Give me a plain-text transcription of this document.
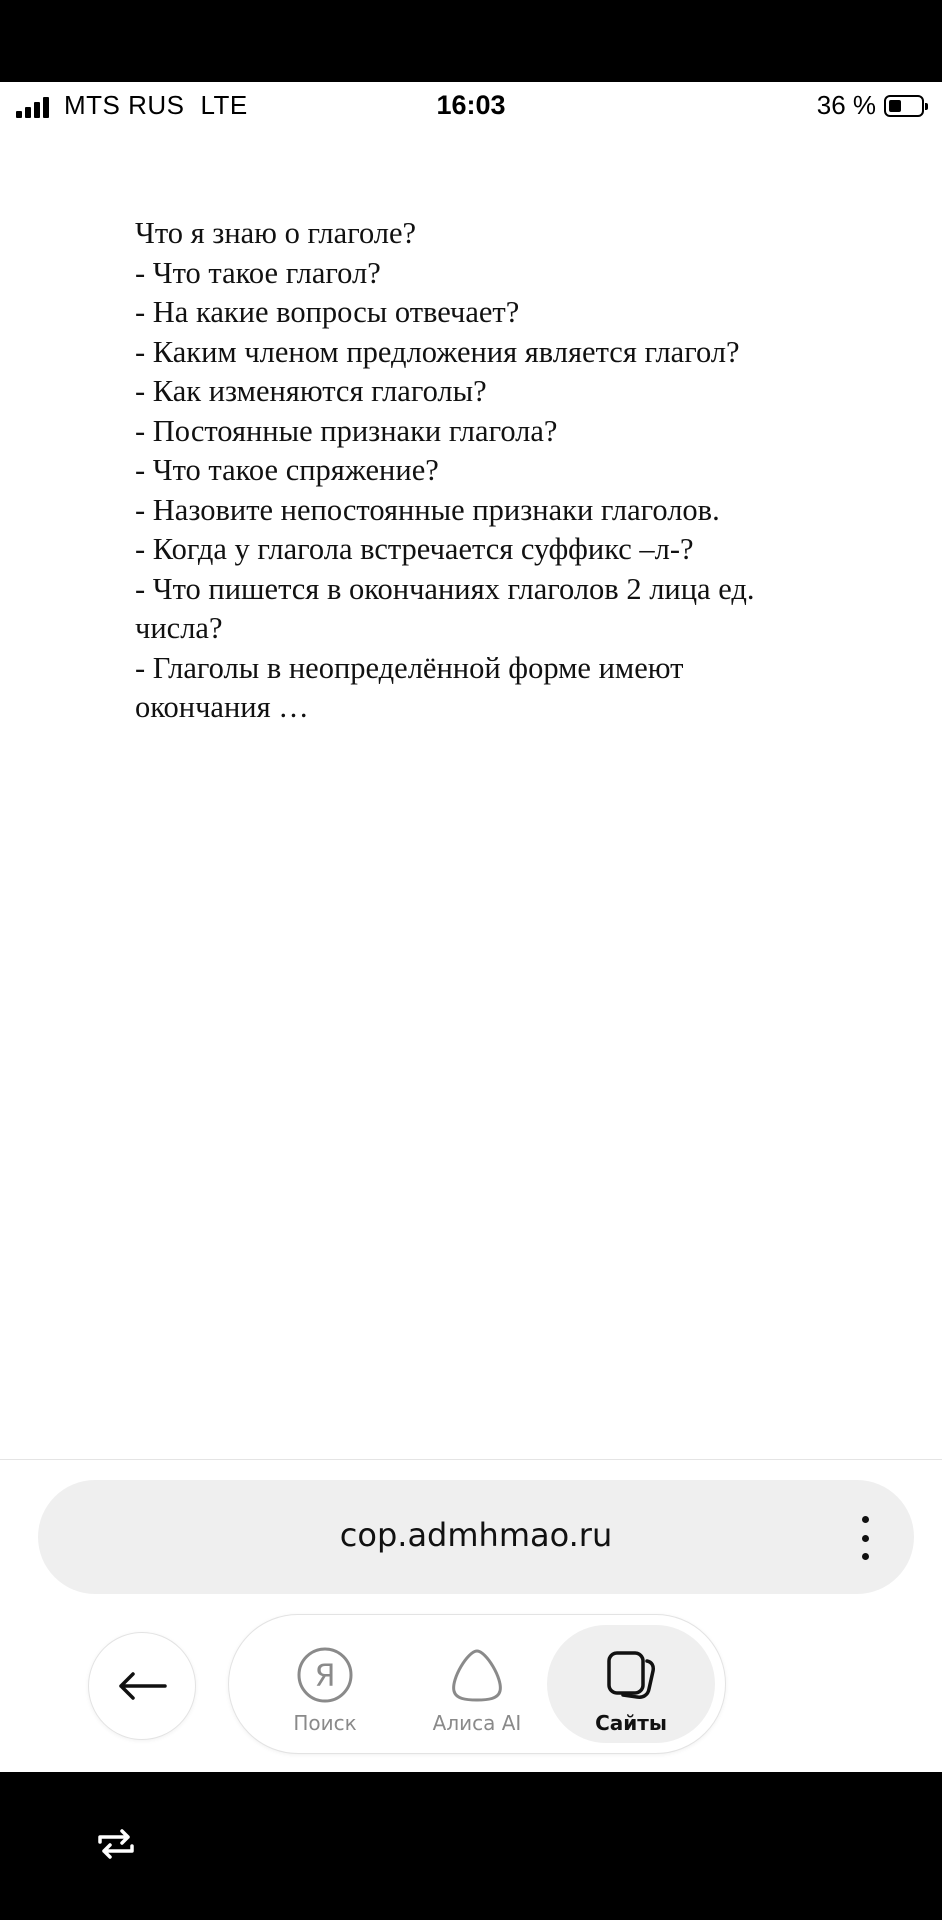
MTS RUS LTE	16:03	36 %

Что я знаю о глаголе?

- Что такое глагол?

- На какие вопросы отвечает?

- Каким членом предложения является глагол?

- Как изменяются глаголы?

- Постоянные признаки глагола?

- Что такое спряжение?

- Назовите непостоянные признаки глаголов.

- Когда у глагола встречается суффикс –л-?

- Что пишется в окончаниях глаголов 2 лица ед.

числа?

- Глаголы в неопределённой форме имеют

окончания …

cop.admhmao.ru
Я
Поиск	Алиса AI	Сайты
